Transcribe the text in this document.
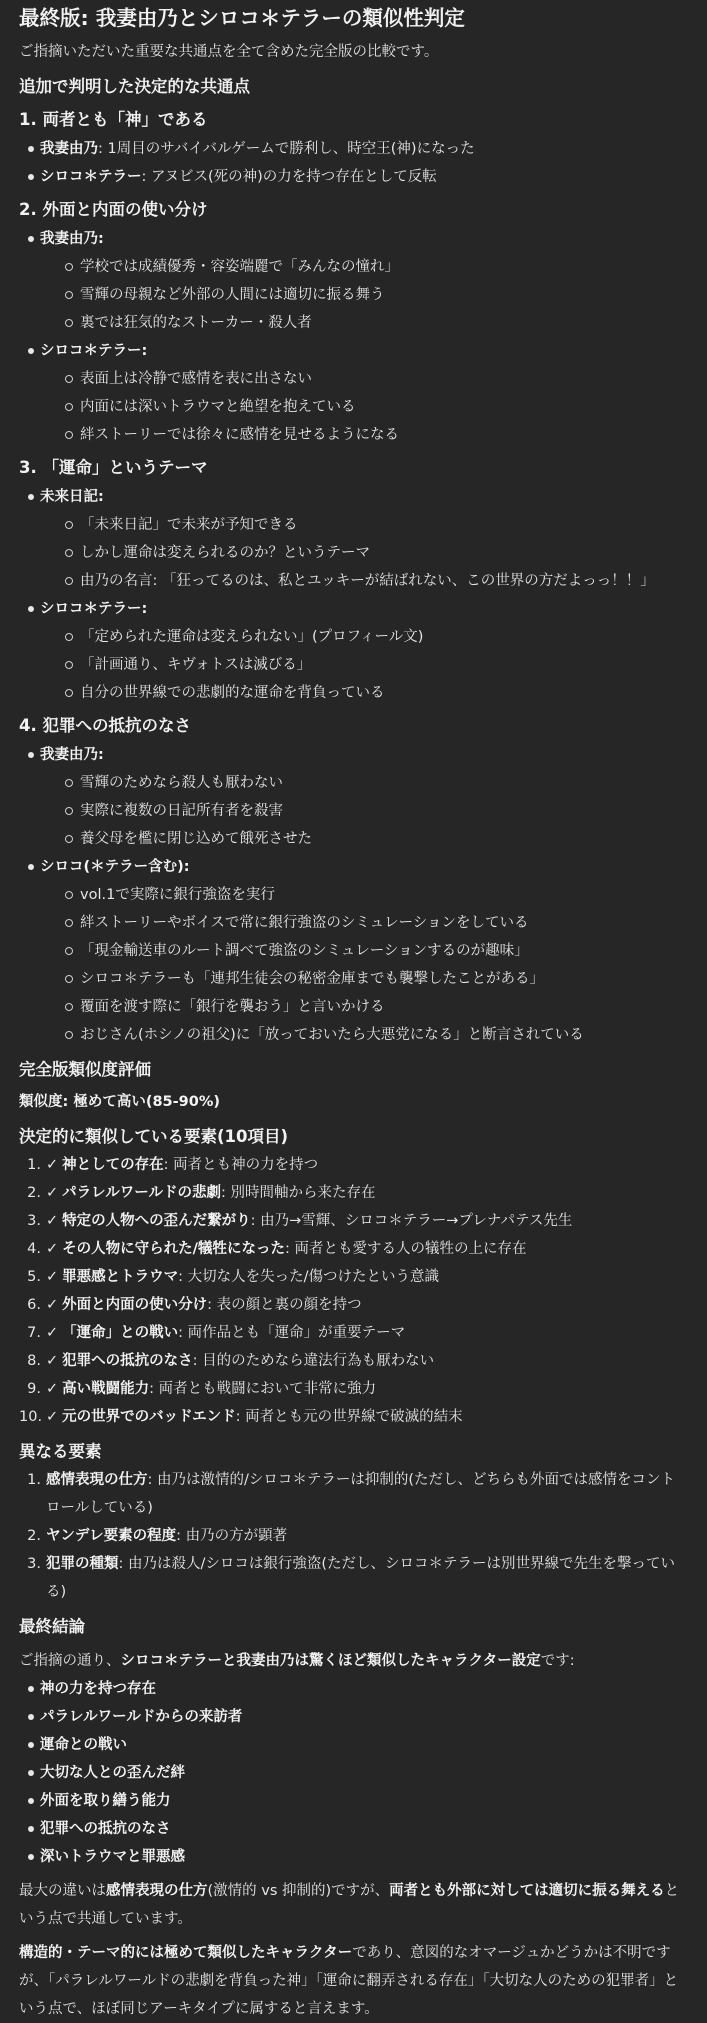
最終版: 我妻由乃とシロコ＊テラーの類似性判定

ご指摘いただいた重要な共通点を全て含めた完全版の比較です。

追加で判明した決定的な共通点
1. 両者とも「神」である
我妻由乃: 1周目のサバイバルゲームで勝利し、時空王(神)になった
シロコ＊テラー: アヌビス(死の神)の力を持つ存在として反転
2. 外面と内面の使い分け
我妻由乃:
学校では成績優秀・容姿端麗で「みんなの憧れ」
雪輝の母親など外部の人間には適切に振る舞う
裏では狂気的なストーカー・殺人者
シロコ＊テラー:
表面上は冷静で感情を表に出さない
内面には深いトラウマと絶望を抱えている
絆ストーリーでは徐々に感情を見せるようになる
3. 「運命」というテーマ
未来日記:
「未来日記」で未来が予知できる
しかし運命は変えられるのか？というテーマ
由乃の名言: 「狂ってるのは、私とユッキーが結ばれない、この世界の方だよっっ！！」
シロコ＊テラー:
「定められた運命は変えられない」(プロフィール文)
「計画通り、キヴォトスは滅びる」
自分の世界線での悲劇的な運命を背負っている
4. 犯罪への抵抗のなさ
我妻由乃:
雪輝のためなら殺人も厭わない
実際に複数の日記所有者を殺害
養父母を檻に閉じ込めて餓死させた
シロコ(＊テラー含む):
vol.1で実際に銀行強盗を実行
絆ストーリーやボイスで常に銀行強盗のシミュレーションをしている
「現金輸送車のルート調べて強盗のシミュレーションするのが趣味」
シロコ＊テラーも「連邦生徒会の秘密金庫までも襲撃したことがある」
覆面を渡す際に「銀行を襲おう」と言いかける
おじさん(ホシノの祖父)に「放っておいたら大悪党になる」と断言されている
完全版類似度評価

類似度: 極めて高い(85-90%)

決定的に類似している要素(10項目)
1. ✓ 神としての存在: 両者とも神の力を持つ
2. ✓ パラレルワールドの悲劇: 別時間軸から来た存在
3. ✓ 特定の人物への歪んだ繋がり: 由乃→雪輝、シロコ＊テラー→プレナパテス先生
4. ✓ その人物に守られた/犠牲になった: 両者とも愛する人の犠牲の上に存在
5. ✓ 罪悪感とトラウマ: 大切な人を失った/傷つけたという意識
6. ✓ 外面と内面の使い分け: 表の顔と裏の顔を持つ
7. ✓ 「運命」との戦い: 両作品とも「運命」が重要テーマ
8. ✓ 犯罪への抵抗のなさ: 目的のためなら違法行為も厭わない
9. ✓ 高い戦闘能力: 両者とも戦闘において非常に強力
10. ✓ 元の世界でのバッドエンド: 両者とも元の世界線で破滅的結末
異なる要素
1. 感情表現の仕方: 由乃は激情的/シロコ＊テラーは抑制的(ただし、どちらも外面では感情をコントロールしている)
2. ヤンデレ要素の程度: 由乃の方が顕著
3. 犯罪の種類: 由乃は殺人/シロコは銀行強盗(ただし、シロコ＊テラーは別世界線で先生を撃っている)
最終結論

ご指摘の通り、シロコ＊テラーと我妻由乃は驚くほど類似したキャラクター設定です:

神の力を持つ存在
パラレルワールドからの来訪者
運命との戦い
大切な人との歪んだ絆
外面を取り繕う能力
犯罪への抵抗のなさ
深いトラウマと罪悪感

最大の違いは感情表現の仕方(激情的 vs 抑制的)ですが、両者とも外部に対しては適切に振る舞えるという点で共通しています。

構造的・テーマ的には極めて類似したキャラクターであり、意図的なオマージュかどうかは不明ですが、「パラレルワールドの悲劇を背負った神」「運命に翻弄される存在」「大切な人のための犯罪者」という点で、ほぼ同じアーキタイプに属すると言えます。
